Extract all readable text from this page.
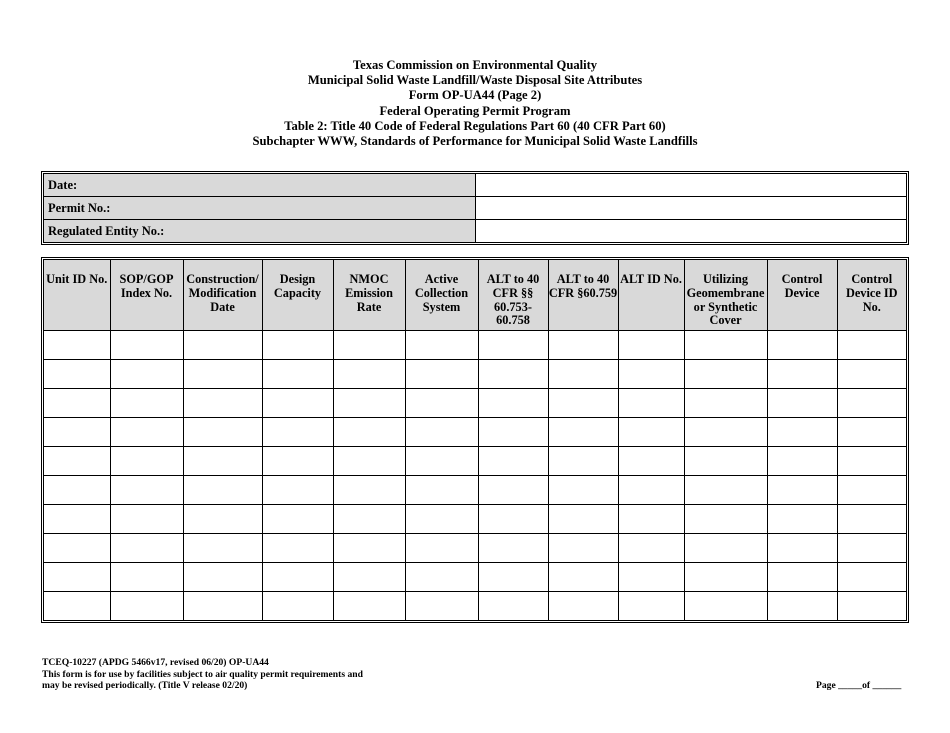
Texas Commission on Environmental Quality
Municipal Solid Waste Landfill/Waste Disposal Site Attributes
Form OP-UA44 (Page 2)
Federal Operating Permit Program
Table 2: Title 40 Code of Federal Regulations Part 60 (40 CFR Part 60)
Subchapter WWW, Standards of Performance for Municipal Solid Waste Landfills
Date:
Permit No.:
Regulated Entity No.:
Unit ID No.	SOP/GOP Index No.	Construction/ Modification Date	Design Capacity	NMOC Emission Rate	Active Collection System	ALT to 40 CFR §§ 60.753- 60.758	ALT to 40 CFR §60.759	ALT ID No.	Utilizing Geomembrane or Synthetic Cover	Control Device	Control Device ID No.

TCEQ-10227 (APDG 5466v17, revised 06/20) OP-UA44
This form is for use by facilities subject to air quality permit requirements and
may be revised periodically. (Title V release 02/20)	Page _____of ______
